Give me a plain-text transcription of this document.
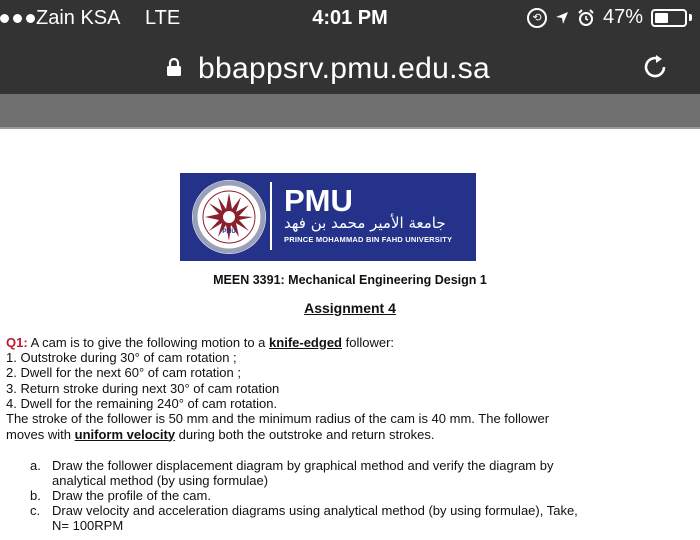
Zain KSA LTE	4:01 PM	⟲	47%
bbappsrv.pmu.edu.sa
PMU
PMU
جامعة الأمير محمد بن فهد
PRINCE MOHAMMAD BIN FAHD UNIVERSITY
MEEN 3391: Mechanical Engineering Design 1
Assignment 4
Q1: A cam is to give the following motion to a knife-edged follower:
1. Outstroke during 30° of cam rotation ;
2. Dwell for the next 60° of cam rotation ;
3. Return stroke during next 30° of cam rotation
4. Dwell for the remaining 240° of cam rotation.
The stroke of the follower is 50 mm and the minimum radius of the cam is 40 mm. The follower
moves with uniform velocity during both the outstroke and return strokes.
a. Draw the follower displacement diagram by graphical method and verify the diagram by
analytical method (by using formulae)
b. Draw the profile of the cam.
c. Draw velocity and acceleration diagrams using analytical method (by using formulae), Take,
N= 100RPM
